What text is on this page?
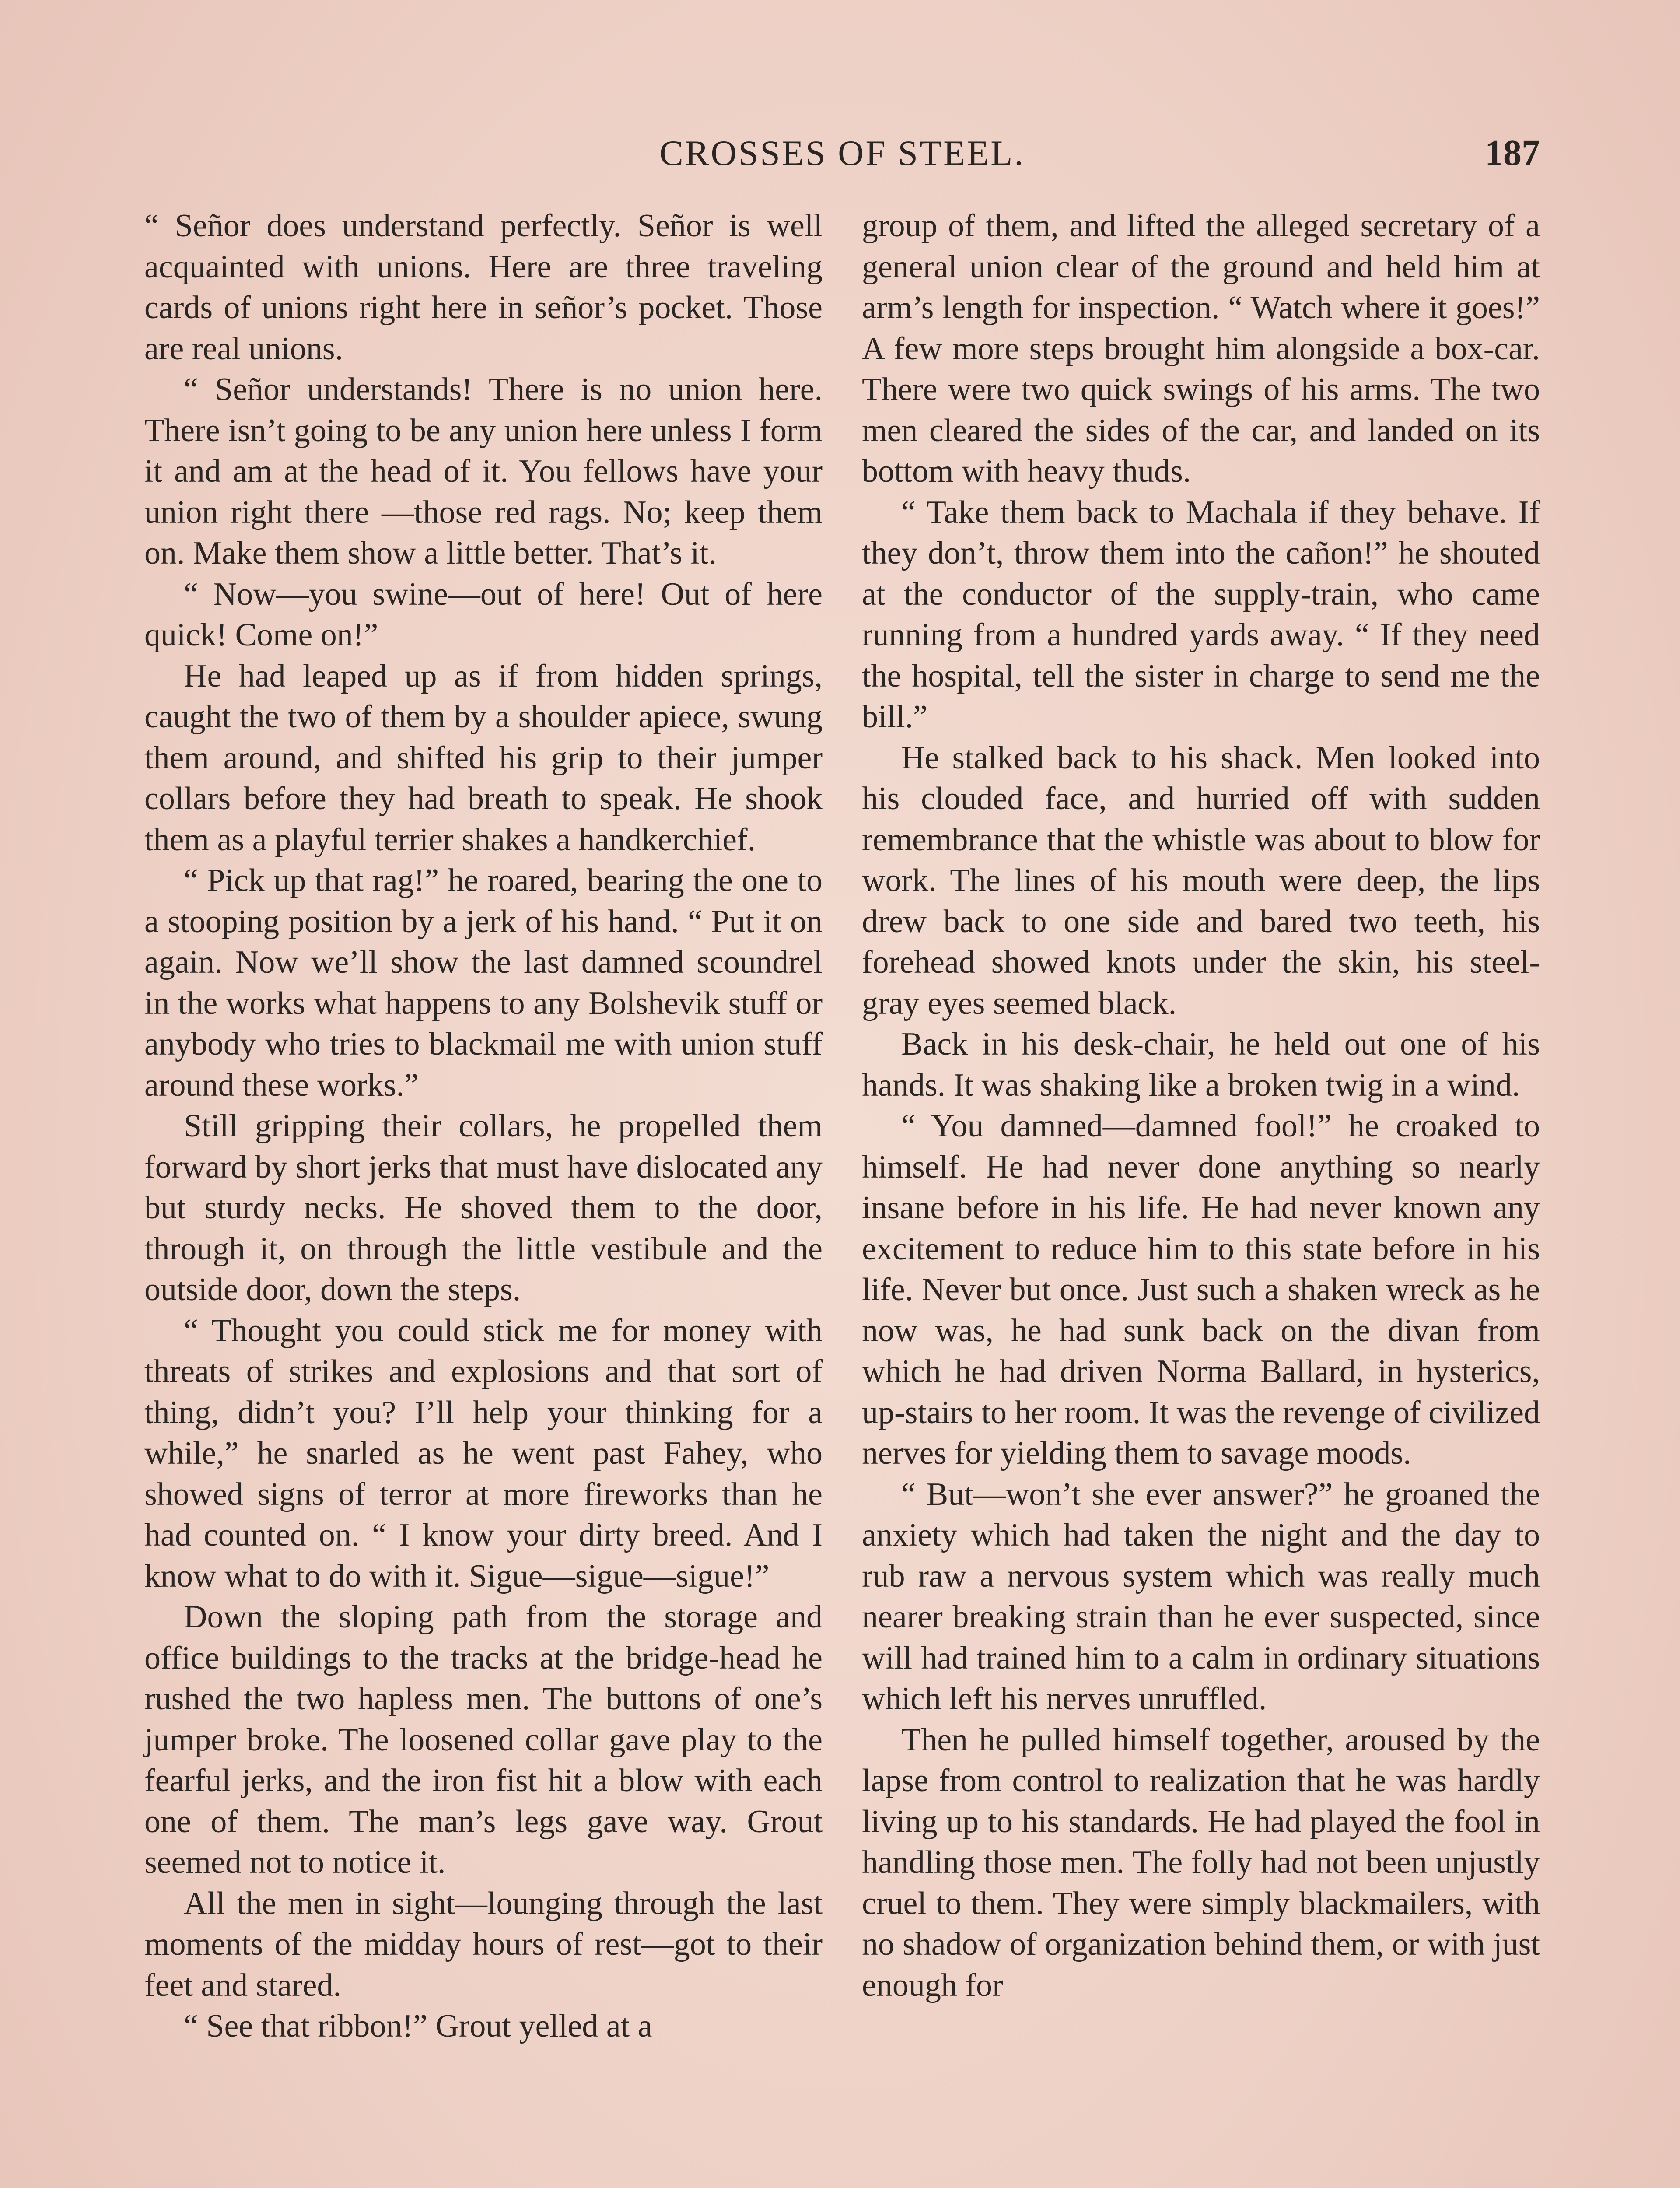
CROSSES OF STEEL.	187

“ Señor does understand perfectly. Señor is well acquainted with unions. Here are three traveling cards of unions right here in señor’s pocket. Those are real unions.

“ Señor understands! There is no union here. There isn’t going to be any union here unless I form it and am at the head of it. You fellows have your union right there —those red rags. No; keep them on. Make them show a little better. That’s it.

“ Now—you swine—out of here! Out of here quick! Come on!”

He had leaped up as if from hidden springs, caught the two of them by a shoulder apiece, swung them around, and shifted his grip to their jumper collars before they had breath to speak. He shook them as a playful terrier shakes a handkerchief.

“ Pick up that rag!” he roared, bearing the one to a stooping position by a jerk of his hand. “ Put it on again. Now we’ll show the last damned scoundrel in the works what happens to any Bolshevik stuff or anybody who tries to blackmail me with union stuff around these works.”

Still gripping their collars, he propelled them forward by short jerks that must have dislocated any but sturdy necks. He shoved them to the door, through it, on through the little vestibule and the outside door, down the steps.

“ Thought you could stick me for money with threats of strikes and explosions and that sort of thing, didn’t you? I’ll help your thinking for a while,” he snarled as he went past Fahey, who showed signs of terror at more fireworks than he had counted on. “ I know your dirty breed. And I know what to do with it. Sigue—sigue—sigue!”

Down the sloping path from the storage and office buildings to the tracks at the bridge-head he rushed the two hapless men. The buttons of one’s jumper broke. The loosened collar gave play to the fearful jerks, and the iron fist hit a blow with each one of them. The man’s legs gave way. Grout seemed not to notice it.

All the men in sight—lounging through the last moments of the midday hours of rest—got to their feet and stared.

“ See that ribbon!” Grout yelled at a

group of them, and lifted the alleged secretary of a general union clear of the ground and held him at arm’s length for inspection. “ Watch where it goes!” A few more steps brought him alongside a box-car. There were two quick swings of his arms. The two men cleared the sides of the car, and landed on its bottom with heavy thuds.

“ Take them back to Machala if they behave. If they don’t, throw them into the cañon!” he shouted at the conductor of the supply-train, who came running from a hundred yards away. “ If they need the hospital, tell the sister in charge to send me the bill.”

He stalked back to his shack. Men looked into his clouded face, and hurried off with sudden remembrance that the whistle was about to blow for work. The lines of his mouth were deep, the lips drew back to one side and bared two teeth, his forehead showed knots under the skin, his steel-gray eyes seemed black.

Back in his desk-chair, he held out one of his hands. It was shaking like a broken twig in a wind.

“ You damned—damned fool!” he croaked to himself. He had never done anything so nearly insane before in his life. He had never known any excitement to reduce him to this state before in his life. Never but once. Just such a shaken wreck as he now was, he had sunk back on the divan from which he had driven Norma Ballard, in hysterics, up-stairs to her room. It was the revenge of civilized nerves for yielding them to savage moods.

“ But—won’t she ever answer?” he groaned the anxiety which had taken the night and the day to rub raw a nervous system which was really much nearer breaking strain than he ever suspected, since will had trained him to a calm in ordinary situations which left his nerves unruffled.

Then he pulled himself together, aroused by the lapse from control to realization that he was hardly living up to his standards. He had played the fool in handling those men. The folly had not been unjustly cruel to them. They were simply blackmailers, with no shadow of organization behind them, or with just enough for
